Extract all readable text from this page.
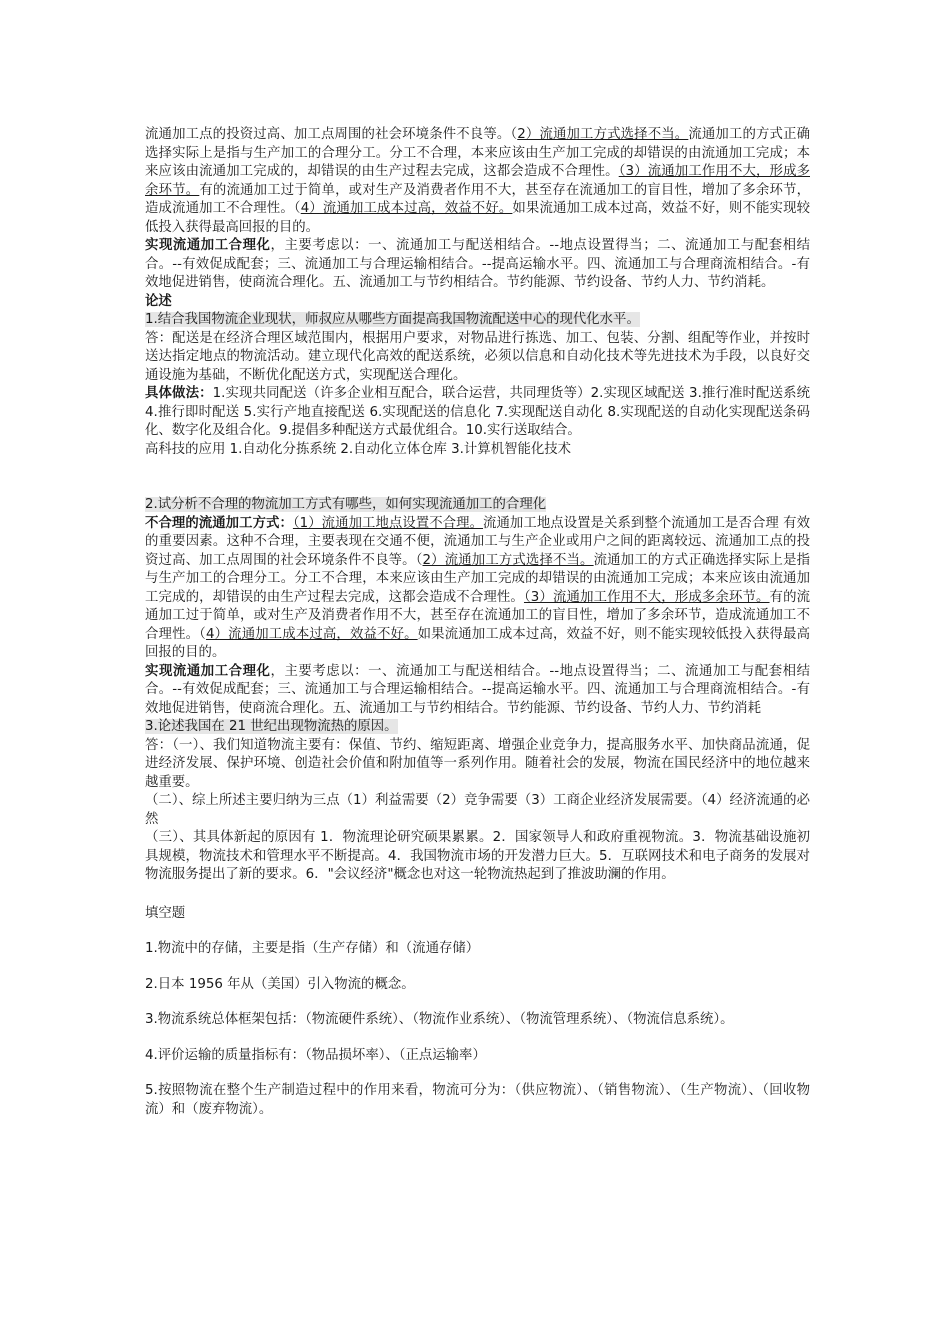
流通加工点的投资过高、加工点周围的社会环境条件不良等。（2）流通加工方式选择不当。流通加工的方式正确选择实际上是指与生产加工的合理分工。分工不合理，本来应该由生产加工完成的却错误的由流通加工完成；本来应该由流通加工完成的，却错误的由生产过程去完成，这都会造成不合理性。（3）流通加工作用不大，形成多余环节。有的流通加工过于简单，或对生产及消费者作用不大，甚至存在流通加工的盲目性，增加了多余环节，造成流通加工不合理性。（4）流通加工成本过高，效益不好。如果流通加工成本过高，效益不好，则不能实现较低投入获得最高回报的目的。

实现流通加工合理化，主要考虑以：一、流通加工与配送相结合。--地点设置得当；二、流通加工与配套相结合。--有效促成配套；三、流通加工与合理运输相结合。--提高运输水平。四、流通加工与合理商流相结合。-有效地促进销售，使商流合理化。五、流通加工与节约相结合。节约能源、节约设备、节约人力、节约消耗。

论述

1.结合我国物流企业现状，师叔应从哪些方面提高我国物流配送中心的现代化水平。

答：配送是在经济合理区域范围内，根据用户要求，对物品进行拣选、加工、包装、分割、组配等作业，并按时送达指定地点的物流活动。建立现代化高效的配送系统，必须以信息和自动化技术等先进技术为手段，以良好交通设施为基础，不断优化配送方式，实现配送合理化。

具体做法：1.实现共同配送（许多企业相互配合，联合运营，共同理货等）2.实现区域配送 3.推行准时配送系统 4.推行即时配送 5.实行产地直接配送 6.实现配送的信息化 7.实现配送自动化 8.实现配送的自动化实现配送条码化、数字化及组合化。9.提倡多种配送方式最优组合。10.实行送取结合。

高科技的应用 1.自动化分拣系统 2.自动化立体仓库 3.计算机智能化技术

2.试分析不合理的物流加工方式有哪些，如何实现流通加工的合理化

不合理的流通加工方式：（1）流通加工地点设置不合理。流通加工地点设置是关系到整个流通加工是否合理 有效的重要因素。这种不合理，主要表现在交通不便，流通加工与生产企业或用户之间的距离较远、流通加工点的投资过高、加工点周围的社会环境条件不良等。（2）流通加工方式选择不当。流通加工的方式正确选择实际上是指与生产加工的合理分工。分工不合理，本来应该由生产加工完成的却错误的由流通加工完成；本来应该由流通加工完成的，却错误的由生产过程去完成，这都会造成不合理性。（3）流通加工作用不大，形成多余环节。有的流通加工过于简单，或对生产及消费者作用不大，甚至存在流通加工的盲目性，增加了多余环节，造成流通加工不合理性。（4）流通加工成本过高，效益不好。如果流通加工成本过高，效益不好，则不能实现较低投入获得最高回报的目的。

实现流通加工合理化，主要考虑以：一、流通加工与配送相结合。--地点设置得当；二、流通加工与配套相结合。--有效促成配套；三、流通加工与合理运输相结合。--提高运输水平。四、流通加工与合理商流相结合。-有效地促进销售，使商流合理化。五、流通加工与节约相结合。节约能源、节约设备、节约人力、节约消耗

3.论述我国在 21 世纪出现物流热的原因。

答：（一）、我们知道物流主要有：保值、节约、缩短距离、增强企业竞争力，提高服务水平、加快商品流通，促进经济发展、保护环境、创造社会价值和附加值等一系列作用。随着社会的发展，物流在国民经济中的地位越来越重要。

（二）、综上所述主要归纳为三点（1）利益需要（2）竞争需要（3）工商企业经济发展需要。（4）经济流通的必然

（三）、其具体新起的原因有 1．物流理论研究硕果累累。2．国家领导人和政府重视物流。3．物流基础设施初具规模，物流技术和管理水平不断提高。4．我国物流市场的开发潜力巨大。5．互联网技术和电子商务的发展对物流服务提出了新的要求。6．"会议经济"概念也对这一轮物流热起到了推波助澜的作用。

填空题

1.物流中的存储，主要是指（生产存储）和（流通存储）

2.日本 1956 年从（美国）引入物流的概念。

3.物流系统总体框架包括：（物流硬件系统）、（物流作业系统）、（物流管理系统）、（物流信息系统）。

4.评价运输的质量指标有：（物品损坏率）、（正点运输率）

5.按照物流在整个生产制造过程中的作用来看，物流可分为：（供应物流）、（销售物流）、（生产物流）、（回收物流）和（废弃物流）。
